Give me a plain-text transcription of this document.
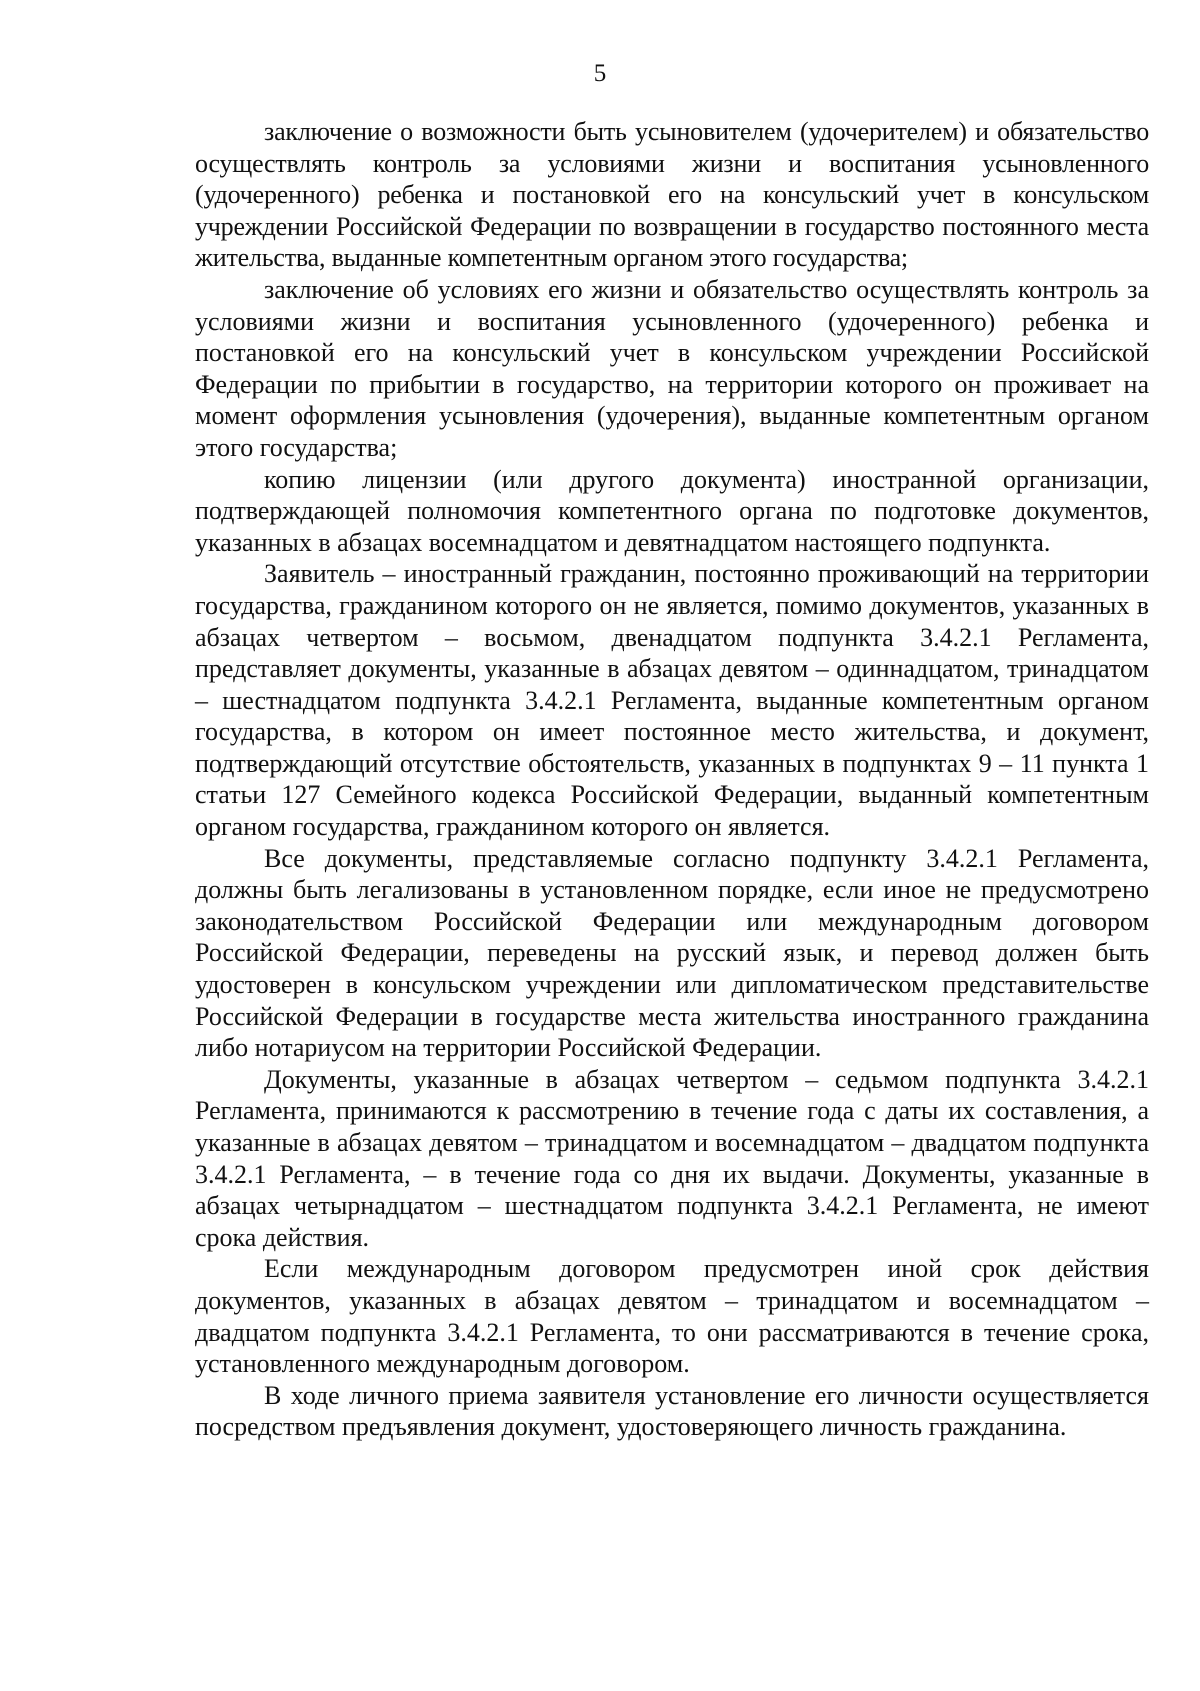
5

заключение о возможности быть усыновителем (удочерителем) и обязательство осуществлять контроль за условиями жизни и воспитания усыновленного (удочеренного) ребенка и постановкой его на консульский учет в консульском учреждении Российской Федерации по возвращении в государство постоянного места жительства, выданные компетентным органом этого государства;

заключение об условиях его жизни и обязательство осуществлять контроль за условиями жизни и воспитания усыновленного (удочеренного) ребенка и постановкой его на консульский учет в консульском учреждении Российской Федерации по прибытии в государство, на территории которого он проживает на момент оформления усыновления (удочерения), выданные компетентным органом этого государства;

копию лицензии (или другого документа) иностранной организации, подтверждающей полномочия компетентного органа по подготовке документов, указанных в абзацах восемнадцатом и девятнадцатом настоящего подпункта.

Заявитель – иностранный гражданин, постоянно проживающий на территории государства, гражданином которого он не является, помимо документов, указанных в абзацах четвертом – восьмом, двенадцатом подпункта 3.4.2.1 Регламента, представляет документы, указанные в абзацах девятом – одиннадцатом, тринадцатом – шестнадцатом подпункта 3.4.2.1 Регламента, выданные компетентным органом государства, в котором он имеет постоянное место жительства, и документ, подтверждающий отсутствие обстоятельств, указанных в подпунктах 9 – 11 пункта 1 статьи 127 Семейного кодекса Российской Федерации, выданный компетентным органом государства, гражданином которого он является.

Все документы, представляемые согласно подпункту 3.4.2.1 Регламента, должны быть легализованы в установленном порядке, если иное не предусмотрено законодательством Российской Федерации или международным договором Российской Федерации, переведены на русский язык, и перевод должен быть удостоверен в консульском учреждении или дипломатическом представительстве Российской Федерации в государстве места жительства иностранного гражданина либо нотариусом на территории Российской Федерации.

Документы, указанные в абзацах четвертом – седьмом подпункта 3.4.2.1 Регламента, принимаются к рассмотрению в течение года с даты их составления, а указанные в абзацах девятом – тринадцатом и восемнадцатом – двадцатом подпункта 3.4.2.1 Регламента, – в течение года со дня их выдачи. Документы, указанные в абзацах четырнадцатом – шестнадцатом подпункта 3.4.2.1 Регламента, не имеют срока действия.

Если международным договором предусмотрен иной срок действия документов, указанных в абзацах девятом – тринадцатом и восемнадцатом – двадцатом подпункта 3.4.2.1 Регламента, то они рассматриваются в течение срока, установленного международным договором.

В ходе личного приема заявителя установление его личности осуществляется посредством предъявления документ, удостоверяющего личность гражданина.
